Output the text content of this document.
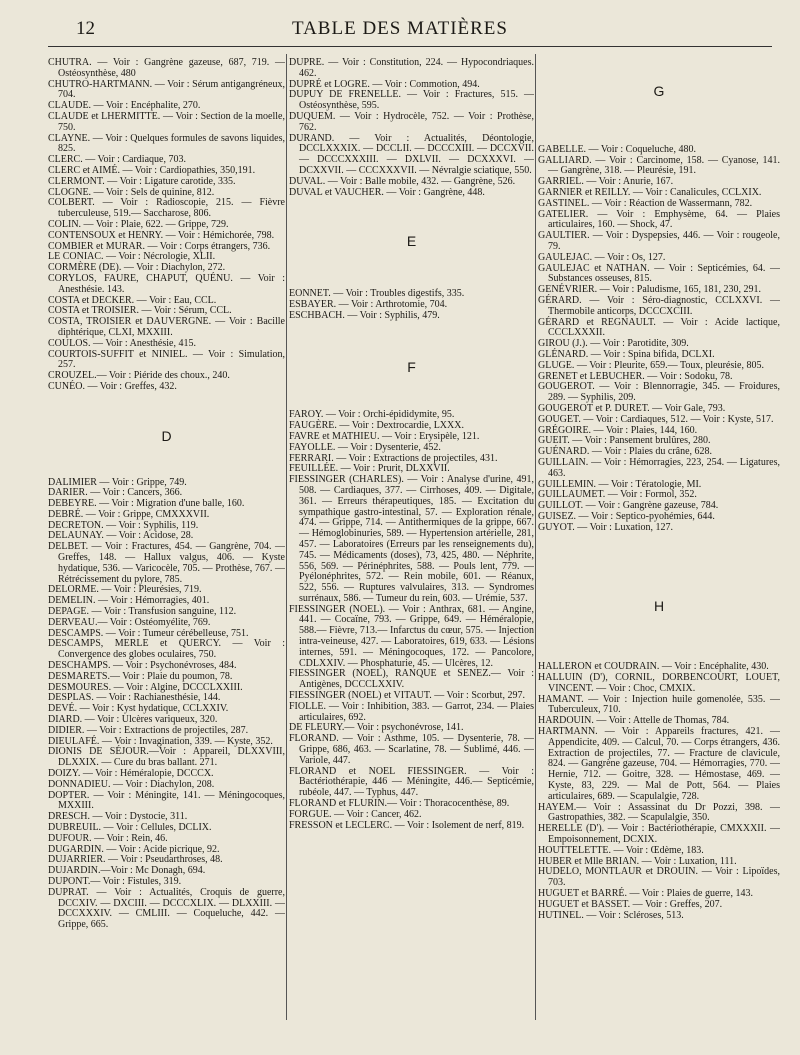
12	TABLE DES MATIÈRES

CHUTRA. — Voir : Gangrène gazeuse, 687, 719. — Ostéosynthèse, 480

CHUTRO-HARTMANN. — Voir : Sérum antigangréneux, 704.

CLAUDE. — Voir : Encéphalite, 270.

CLAUDE et LHERMITTE. — Voir : Section de la moelle, 750.

CLAYNE. — Voir : Quelques formules de savons liquides, 825.

CLERC. — Voir : Cardiaque, 703.

CLERC et AIMÉ. — Voir : Cardiopathies, 350,191.

CLERMONT. — Voir : Ligature carotide, 335.

CLOGNE. — Voir : Sels de quinine, 812.

COLBERT. — Voir : Radioscopie, 215. — Fièvre tuberculeuse, 519.— Saccharose, 806.

COLIN. — Voir : Plaie, 622. — Grippe, 729.

CONTENSOUX et HENRY. — Voir : Hémichorée, 798.

COMBIER et MURAR. — Voir : Corps étrangers, 736.

LE CONIAC. — Voir : Nécrologie, XLII.

CORMÈRE (DE). — Voir : Diachylon, 272.

CORYLOS, FAURE, CHAPUT, QUÉNU. — Voir : Anesthésie. 143.

COSTA et DECKER. — Voir : Eau, CCL.

COSTA et TROISIER. — Voir : Sérum, CCL.

COSTA, TROISIER et DAUVERGNE. — Voir : Bacille diphtérique, CLXI, MXXIII.

COULOS. — Voir : Anesthésie, 415.

COURTOIS-SUFFIT et NINIEL. — Voir : Simulation, 257.

CROUZEL.— Voir : Piéride des choux., 240.

CUNÉO. — Voir : Greffes, 432.

D

DALIMIER — Voir : Grippe, 749.

DARIER. — Voir : Cancers, 366.

DEBEYRE. — Voir : Migration d'une balle, 160.

DEBRÉ. — Voir : Grippe, CMXXXVII.

DECRETON. — Voir : Syphilis, 119.

DELAUNAY. — Voir : Acidose, 28.

DELBET. — Voir : Fractures, 454. — Gangrène, 704. — Greffes, 148. — Hallux valgus, 406. — Kyste hydatique, 536. — Varicocèle, 705. — Prothèse, 767. — Rétrécissement du pylore, 785.

DELORME. — Voir : Pleurésies, 719.

DEMELIN. — Voir : Hémorragies, 401.

DEPAGE. — Voir : Transfusion sanguine, 112.

DERVEAU.— Voir : Ostéomyélite, 769.

DESCAMPS. — Voir : Tumeur cérébelleuse, 751.

DESCAMPS, MERLE et QUERCY. — Voir : Convergence des globes oculaires, 750.

DESCHAMPS. — Voir : Psychonévroses, 484.

DESMARETS.— Voir : Plaie du poumon, 78.

DESMOURES. — Voir : Algine, DCCCLXXIII.

DESPLAS. — Voir : Rachianesthésie, 144.

DEVÉ. — Voir : Kyst hydatique, CCLXXIV.

DIARD. — Voir : Ulcères variqueux, 320.

DIDIER. — Voir : Extractions de projectiles, 287.

DIEULAFÉ. — Voir : Invagination, 339. — Kyste, 352.

DIONIS DE SÉJOUR.—Voir : Appareil, DLXXVIII, DLXXIX. — Cure du bras ballant. 271.

DOIZY. — Voir : Héméralopie, DCCCX.

DONNADIEU. — Voir : Diachylon, 208.

DOPTER. — Voir : Méningite, 141. — Méningocoques, MXXIII.

DRESCH. — Voir : Dystocie, 311.

DUBREUIL. — Voir : Cellules, DCLIX.

DUFOUR. — Voir : Rein, 46.

DUGARDIN. — Voir : Acide picrique, 92.

DUJARRIER. — Voir : Pseudarthroses, 48.

DUJARDIN.—Voir : Mc Donagh, 694.

DUPONT.— Voir : Fistules, 319.

DUPRAT. — Voir : Actualités, Croquis de guerre, DCCXIV. — DXCIII. — DCCCXLIX. — DLXXIII. — DCCXXXIV. — CMLIII. — Coqueluche, 442. — Grippe, 665.

DUPRÉ. — Voir : Constitution, 224. — Hypocondriaques. 462.

DUPRÉ et LOGRE. — Voir : Commotion, 494.

DUPUY DE FRENELLE. — Voir : Fractures, 515. — Ostéosynthèse, 595.

DUQUEM. — Voir : Hydrocèle, 752. — Voir : Prothèse, 762.

DURAND. — Voir : Actualités, Déontologie, DCCLXXXIX. — DCCLII. — DCCCXIII. — DCCXVII. — DCCCXXXIII. — DXLVII. — DCXXXVI. — DCXXVII. — CCCXXXVII. — Névralgie sciatique, 550.

DUVAL. — Voir : Balle mobile, 432. — Gangrène, 526.

DUVAL et VAUCHER. — Voir : Gangrène, 448.

E

EONNET. — Voir : Troubles digestifs, 335.

ESBAYER. — Voir : Arthrotomie, 704.

ESCHBACH. — Voir : Syphilis, 479.

F

FAROY. — Voir : Orchi-épididymite, 95.

FAUGÈRE. — Voir : Dextrocardie, LXXX.

FAVRE et MATHIEU. — Voir : Erysipèle, 121.

FAYOLLE. — Voir : Dysenterie, 452.

FERRARI. — Voir : Extractions de projectiles, 431.

FEUILLÉE. — Voir : Prurit, DLXXVII.

FIESSINGER (CHARLES). — Voir : Analyse d'urine, 491, 508. — Cardiaques, 377. — Cirrhoses, 409. — Digitale, 361. — Erreurs thérapeutiques, 185. — Excitation du sympathique gastro-intestinal, 57. — Exploration rénale, 474. — Grippe, 714. — Antithermiques de la grippe, 667. — Hémoglobinuries, 589. — Hypertension artérielle, 281, 457. — Laboratoires (Erreurs par les renseignements du), 745. — Médicaments (doses), 73, 425, 480. — Néphrite, 556, 569. — Périnéphrites, 588. — Pouls lent, 779. — Pyélonéphrites, 572. — Rein mobile, 601. — Réanux, 522, 556. — Ruptures valvulaires, 313. — Syndromes surrénaux, 586. — Tumeur du rein, 603. — Urémie, 537.

FIESSINGER (NOEL). — Voir : Anthrax, 681. — Angine, 441. — Cocaïne, 793. — Grippe, 649. — Héméralopie, 588.— Fièvre, 713.— Infarctus du cœur, 575. — Injection intra-veineuse, 427. — Laboratoires, 619, 633. — Lésions internes, 591. — Méningocoques, 172. — Pancolore, CDLXXIV. — Phosphaturie, 45. — Ulcères, 12.

FIESSINGER (NOEL), RANQUE et SENEZ.— Voir : Antigènes, DCCCLXXIV.

FIESSINGER (NOEL) et VITAUT. — Voir : Scorbut, 297.

FIOLLE. — Voir : Inhibition, 383. — Garrot, 234. — Plaies articulaires, 692.

DE FLEURY.— Voir : psychonévrose, 141.

FLORAND. — Voir : Asthme, 105. — Dysenterie, 78. — Grippe, 686, 463. — Scarlatine, 78. — Sublimé, 446. — Variole, 447.

FLORAND et NOEL FIESSINGER. — Voir : Bactériothérapie, 446 — Méningite, 446.— Septicémie, rubéole, 447. — Typhus, 447.

FLORAND et FLURIN.— Voir : Thoracocenthèse, 89.

FORGUE. — Voir : Cancer, 462.

FRESSON et LECLERC. — Voir : Isolement de nerf, 819.

G

GABELLE. — Voir : Coqueluche, 480.

GALLIARD. — Voir : Carcinome, 158. — Cyanose, 141. — Gangrène, 318. — Pleurésie, 191.

GARRIEL. — Voir : Anurie, 167.

GARNIER et REILLY. — Voir : Canalicules, CCLXIX.

GASTINEL. — Voir : Réaction de Wassermann, 782.

GATELIER. — Voir : Emphysème, 64. — Plaies articulaires, 160. — Shock, 47.

GAULTIER. — Voir : Dyspepsies, 446. — Voir : rougeole, 79.

GAULEJAC. — Voir : Os, 127.

GAULEJAC et NATHAN. — Voir : Septicémies, 64. — Substances osseuses, 815.

GENÉVRIER. — Voir : Paludisme, 165, 181, 230, 291.

GÉRARD. — Voir : Séro-diagnostic, CCLXXVI. — Thermobile anticorps, DCCCXCIII.

GÉRARD et REGNAULT. — Voir : Acide lactique, CCCLXXXII.

GIROU (J.). — Voir : Parotidite, 309.

GLÉNARD. — Voir : Spina bifida, DCLXI.

GLUGE. — Voir : Pleurite, 659.— Toux, pleurésie, 805.

GRENET et LEBUCHER. — Voir : Sodoku, 78.

GOUGEROT. — Voir : Blennorragie, 345. — Froidures, 289. — Syphilis, 209.

GOUGEROT et P. DURET. — Voir Gale, 793.

GOUGET. — Voir : Cardiaques, 512. — Voir : Kyste, 517.

GRÉGOIRE. — Voir : Plaies, 144, 160.

GUEIT. — Voir : Pansement brulûres, 280.

GUÉNARD. — Voir : Plaies du crâne, 628.

GUILLAIN. — Voir : Hémorragies, 223, 254. — Ligatures, 463.

GUILLEMIN. — Voir : Tératologie, MI.

GUILLAUMET. — Voir : Formol, 352.

GUILLOT. — Voir : Gangrène gazeuse, 784.

GUISEZ. — Voir : Septico-pyohémies, 644.

GUYOT. — Voir : Luxation, 127.

H

HALLERON et COUDRAIN. — Voir : Encéphalite, 430.

HALLUIN (D'), CORNIL, DORBENCOURT, LOUET, VINCENT. — Voir : Choc, CMXIX.

HAMANT. — Voir : Injection huile gomenolée, 535. — Tuberculeux, 710.

HARDOUIN. — Voir : Attelle de Thomas, 784.

HARTMANN. — Voir : Appareils fractures, 421. — Appendicite, 409. — Calcul, 70. — Corps étrangers, 436. Extraction de projectiles, 77. — Fracture de clavicule, 824. — Gangrène gazeuse, 704. — Hémorragies, 770. — Hernie, 712. — Goitre, 328. — Hémostase, 469. — Kyste, 83, 229. — Mal de Pott, 564. — Plaies articulaires, 689. — Scapulalgie, 728.

HAYEM.— Voir : Assassinat du Dr Pozzi, 398. — Gastropathies, 382. — Scapulalgie, 350.

HERELLE (D'). — Voir : Bactériothérapie, CMXXXII. — Empoisonnement, DCXIX.

HOUTTELETTE. — Voir : Œdème, 183.

HUBER et Mlle BRIAN. — Voir : Luxation, 111.

HUDELO, MONTLAUR et DROUIN. — Voir : Lipoïdes, 703.

HUGUET et BARRÉ. — Voir : Plaies de guerre, 143.

HUGUET et BASSET. — Voir : Greffes, 207.

HUTINEL. — Voir : Scléroses, 513.
